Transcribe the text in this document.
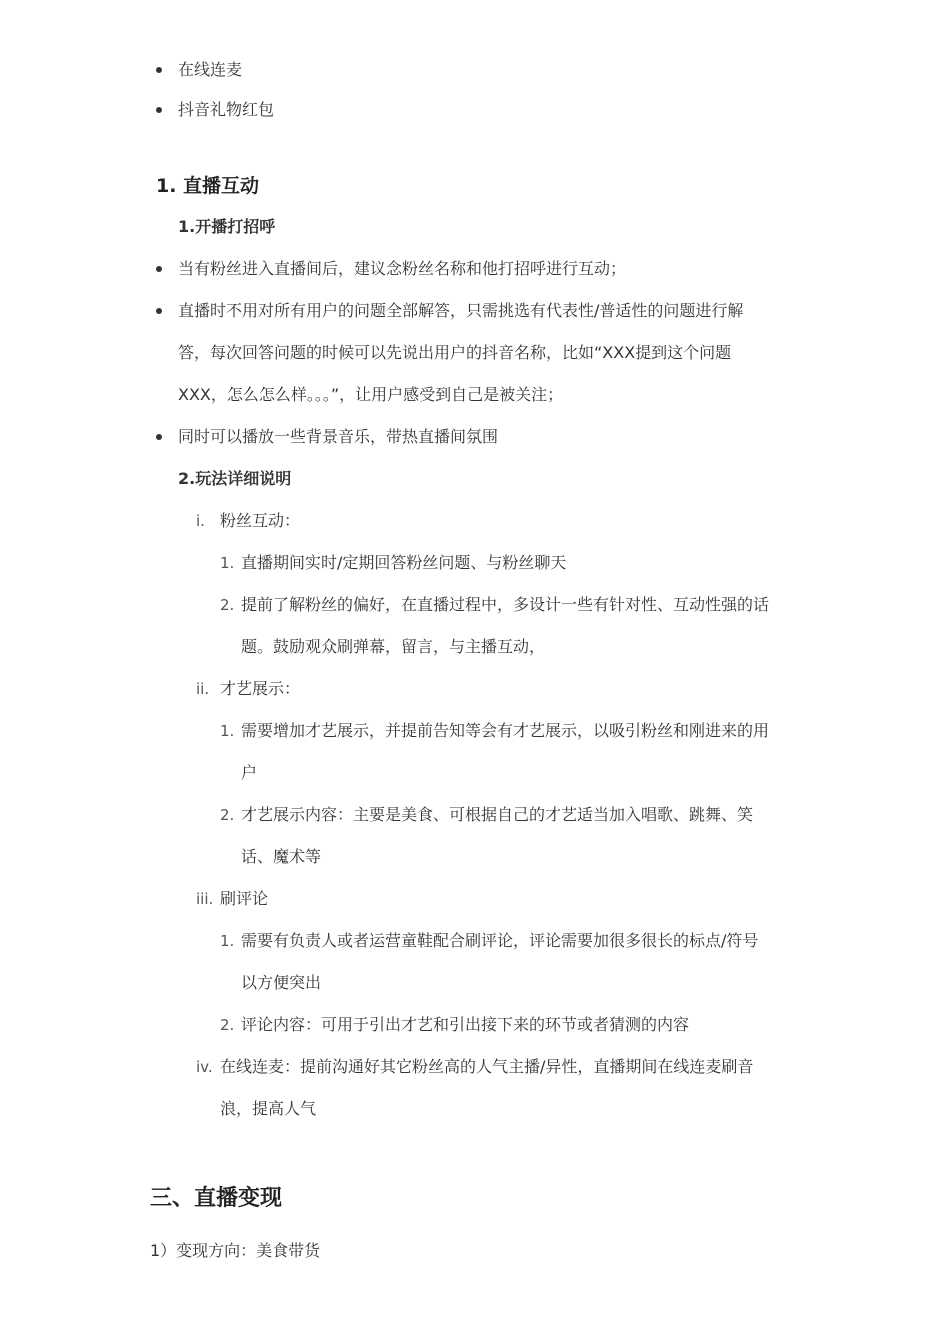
在线连麦
抖音礼物红包
1. 直播互动
1.开播打招呼
当有粉丝进入直播间后，建议念粉丝名称和他打招呼进行互动；
直播时不用对所有用户的问题全部解答，只需挑选有代表性/普适性的问题进行解
答，每次回答问题的时候可以先说出用户的抖音名称，比如“XXX提到这个问题
XXX，怎么怎么样。。。”，让用户感受到自己是被关注；
同时可以播放一些背景音乐，带热直播间氛围
2.玩法详细说明
i. 粉丝互动：
1. 直播期间实时/定期回答粉丝问题、与粉丝聊天
2. 提前了解粉丝的偏好，在直播过程中，多设计一些有针对性、互动性强的话
题。鼓励观众刷弹幕，留言，与主播互动，
ii. 才艺展示：
1. 需要增加才艺展示，并提前告知等会有才艺展示，以吸引粉丝和刚进来的用
户
2. 才艺展示内容：主要是美食、可根据自己的才艺适当加入唱歌、跳舞、笑
话、魔术等
iii. 刷评论
1. 需要有负责人或者运营童鞋配合刷评论，评论需要加很多很长的标点/符号
以方便突出
2. 评论内容：可用于引出才艺和引出接下来的环节或者猜测的内容
iv. 在线连麦：提前沟通好其它粉丝高的人气主播/异性，直播期间在线连麦刷音
浪，提高人气
三、直播变现
1）变现方向：美食带货
